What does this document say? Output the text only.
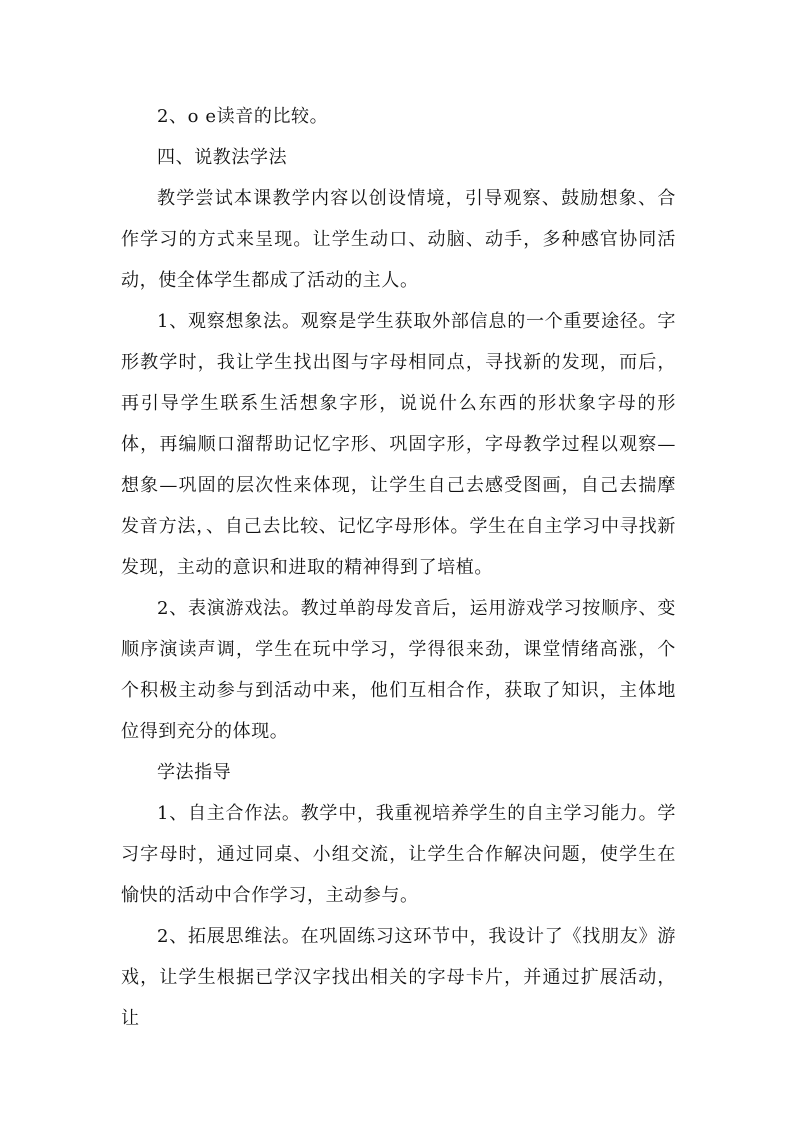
2、o e读音的比较。

四、说教法学法

教学尝试本课教学内容以创设情境，引导观察、鼓励想象、合作学习的方式来呈现。让学生动口、动脑、动手，多种感官协同活动，使全体学生都成了活动的主人。

1、观察想象法。观察是学生获取外部信息的一个重要途径。字形教学时，我让学生找出图与字母相同点，寻找新的发现，而后，再引导学生联系生活想象字形，说说什么东西的形状象字母的形体，再编顺口溜帮助记忆字形、巩固字形，字母教学过程以观察—想象—巩固的层次性来体现，让学生自己去感受图画，自己去揣摩发音方法，、自己去比较、记忆字母形体。学生在自主学习中寻找新发现，主动的意识和进取的精神得到了培植。

2、表演游戏法。教过单韵母发音后，运用游戏学习按顺序、变顺序演读声调，学生在玩中学习，学得很来劲，课堂情绪高涨，个个积极主动参与到活动中来，他们互相合作，获取了知识，主体地位得到充分的体现。

学法指导

1、自主合作法。教学中，我重视培养学生的自主学习能力。学习字母时，通过同桌、小组交流，让学生合作解决问题，使学生在愉快的活动中合作学习，主动参与。

2、拓展思维法。在巩固练习这环节中，我设计了《找朋友》游戏，让学生根据已学汉字找出相关的字母卡片，并通过扩展活动，让
